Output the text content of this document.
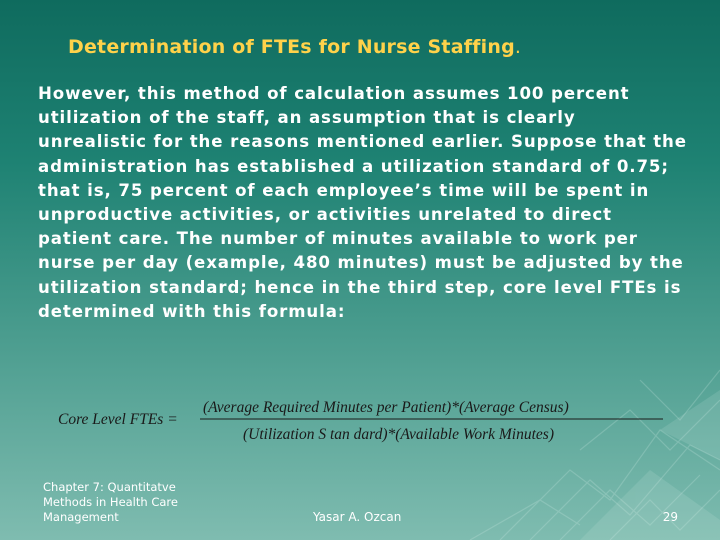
Determination of FTEs for Nurse Staffing.

However, this method of calculation assumes 100 percent utilization of the staff, an assumption that is clearly unrealistic for the reasons mentioned earlier. Suppose that the administration has established a utilization standard of 0.75; that is, 75 percent of each employee’s time will be spent in unproductive activities, or activities unrelated to direct patient care. The number of minutes available to work per nurse per day (example, 480 minutes) must be adjusted by the utilization standard; hence in the third step, core level FTEs is determined with this formula:

Core Level FTEs =
(Average Required Minutes per Patient)*(Average Census)
(Utilization S tan dard)*(Available Work Minutes)

Chapter 7: Quantitatve Methods in Health Care Management	Yasar A. Ozcan	29
